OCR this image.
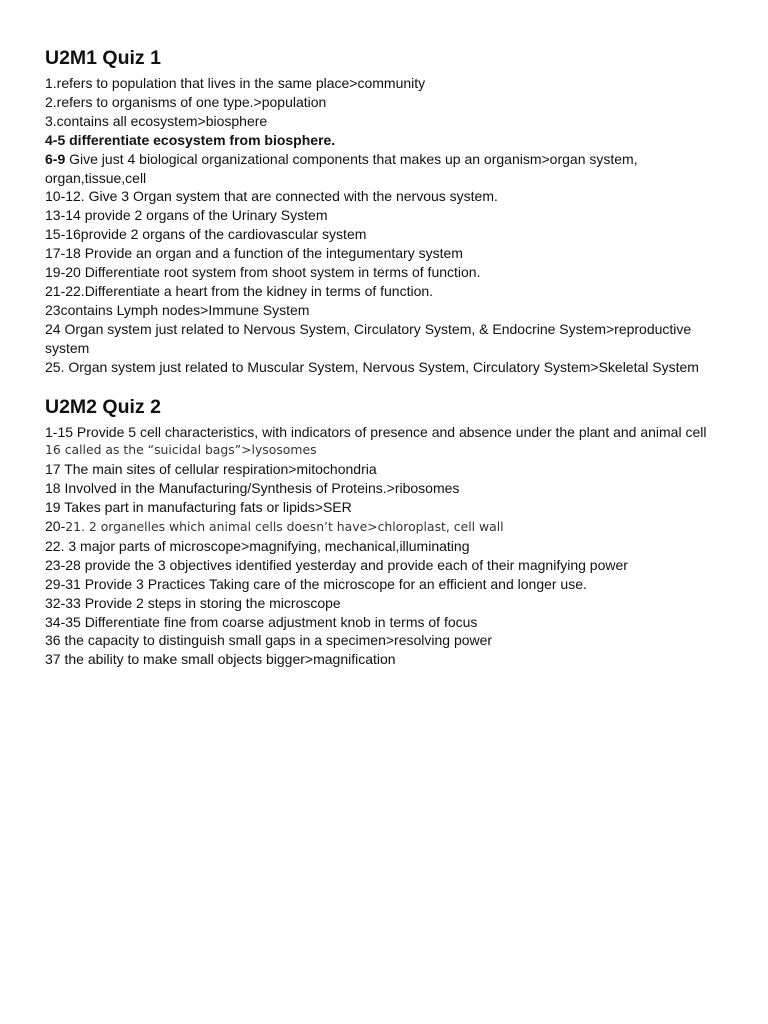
U2M1 Quiz 1
1.refers to population that lives in the same place>community
2.refers to organisms of one type.>population
3.contains all ecosystem>biosphere
4-5 differentiate ecosystem from biosphere.
6-9 Give just 4 biological organizational components that makes up an organism>organ system, organ,tissue,cell
10-12. Give 3 Organ system that are connected with the nervous system.
13-14 provide 2 organs of the Urinary System
15-16provide 2 organs of the cardiovascular system
17-18 Provide an organ and a function of the integumentary system
19-20 Differentiate root system from shoot system in terms of function.
21-22.Differentiate a heart from the kidney in terms of function.
23contains Lymph nodes>Immune System
24 Organ system just related to Nervous System, Circulatory System, & Endocrine System>reproductive system
25. Organ system just related to Muscular System, Nervous System, Circulatory System>Skeletal System
U2M2 Quiz 2
1-15 Provide 5 cell characteristics, with indicators of presence and absence under the plant and animal cell
16 called as the “suicidal bags”>lysosomes
17 The main sites of cellular respiration>mitochondria
18 Involved in the Manufacturing/Synthesis of Proteins.>ribosomes
19 Takes part in manufacturing fats or lipids>SER
20-21. 2 organelles which animal cells doesn’t have>chloroplast, cell wall
22. 3 major parts of microscope>magnifying, mechanical,illuminating
23-28 provide the 3 objectives identified yesterday and provide each of their magnifying power
29-31 Provide 3 Practices Taking care of the microscope for an efficient and longer use.
32-33 Provide 2 steps in storing the microscope
34-35 Differentiate fine from coarse adjustment knob in terms of focus
36 the capacity to distinguish small gaps in a specimen>resolving power
37 the ability to make small objects bigger>magnification
